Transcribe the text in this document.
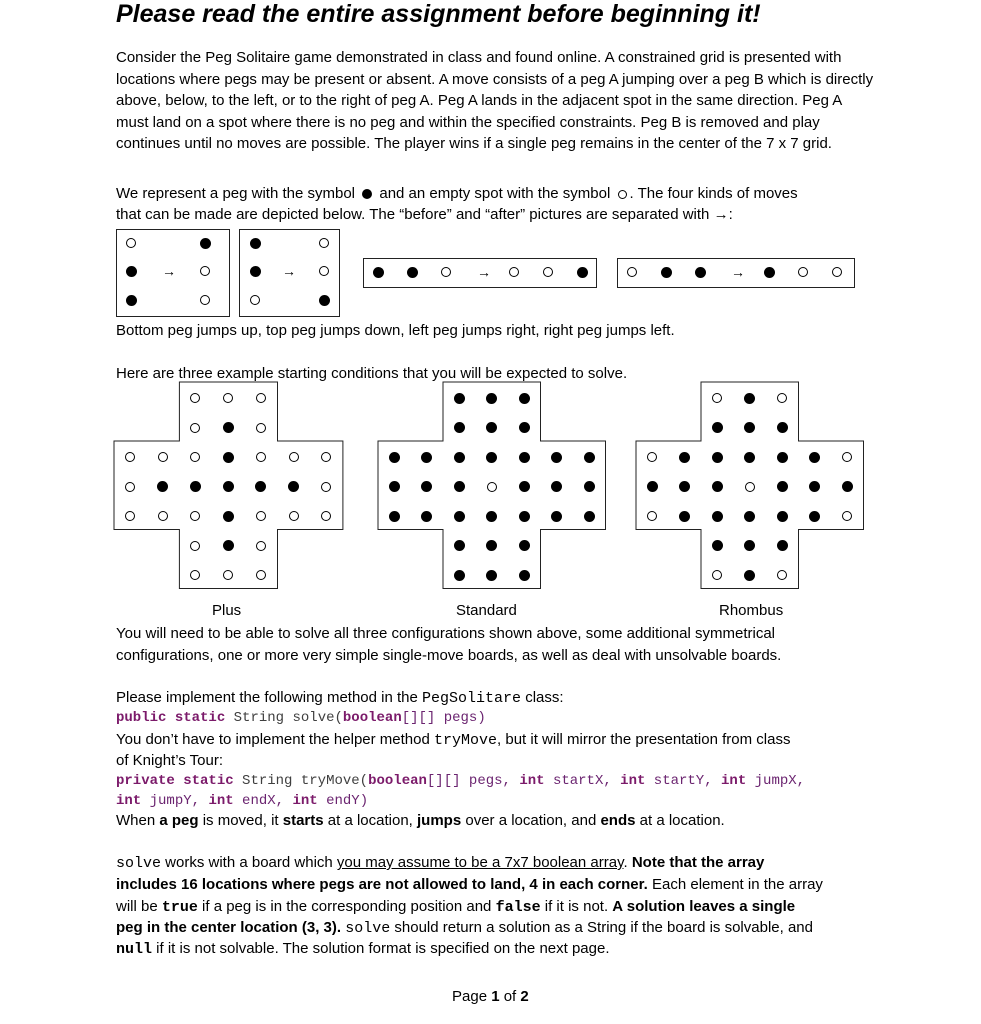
Please read the entire assignment before beginning it!
Consider the Peg Solitaire game demonstrated in class and found online. A constrained grid is presented with locations where pegs may be present or absent. A move consists of a peg A jumping over a peg B which is directly above, below, to the left, or to the right of peg A. Peg A lands in the adjacent spot in the same direction. Peg A must land on a spot where there is no peg and within the specified constraints. Peg B is removed and play continues until no moves are possible. The player wins if a single peg remains in the center of the 7 x 7 grid.
We represent a peg with the symbol and an empty spot with the symbol . The four kinds of moves
that can be made are depicted below. The “before” and “after” pictures are separated with →:
→	→	→	→
Bottom peg jumps up, top peg jumps down, left peg jumps right, right peg jumps left.
Here are three example starting conditions that you will be expected to solve.
Plus	Standard	Rhombus
You will need to be able to solve all three configurations shown above, some additional symmetrical configurations, one or more very simple single-move boards, as well as deal with unsolvable boards.
Please implement the following method in the PegSolitare class:
public static String solve(boolean[][] pegs)
You don’t have to implement the helper method tryMove, but it will mirror the presentation from class
of Knight’s Tour:
private static String tryMove(boolean[][] pegs, int startX, int startY, int jumpX,
int jumpY, int endX, int endY)
When a peg is moved, it starts at a location, jumps over a location, and ends at a location.
solve works with a board which you may assume to be a 7x7 boolean array. Note that the array
includes 16 locations where pegs are not allowed to land, 4 in each corner. Each element in the array
will be true if a peg is in the corresponding position and false if it is not. A solution leaves a single
peg in the center location (3, 3). solve should return a solution as a String if the board is solvable, and
null if it is not solvable. The solution format is specified on the next page.
Page 1 of 2
